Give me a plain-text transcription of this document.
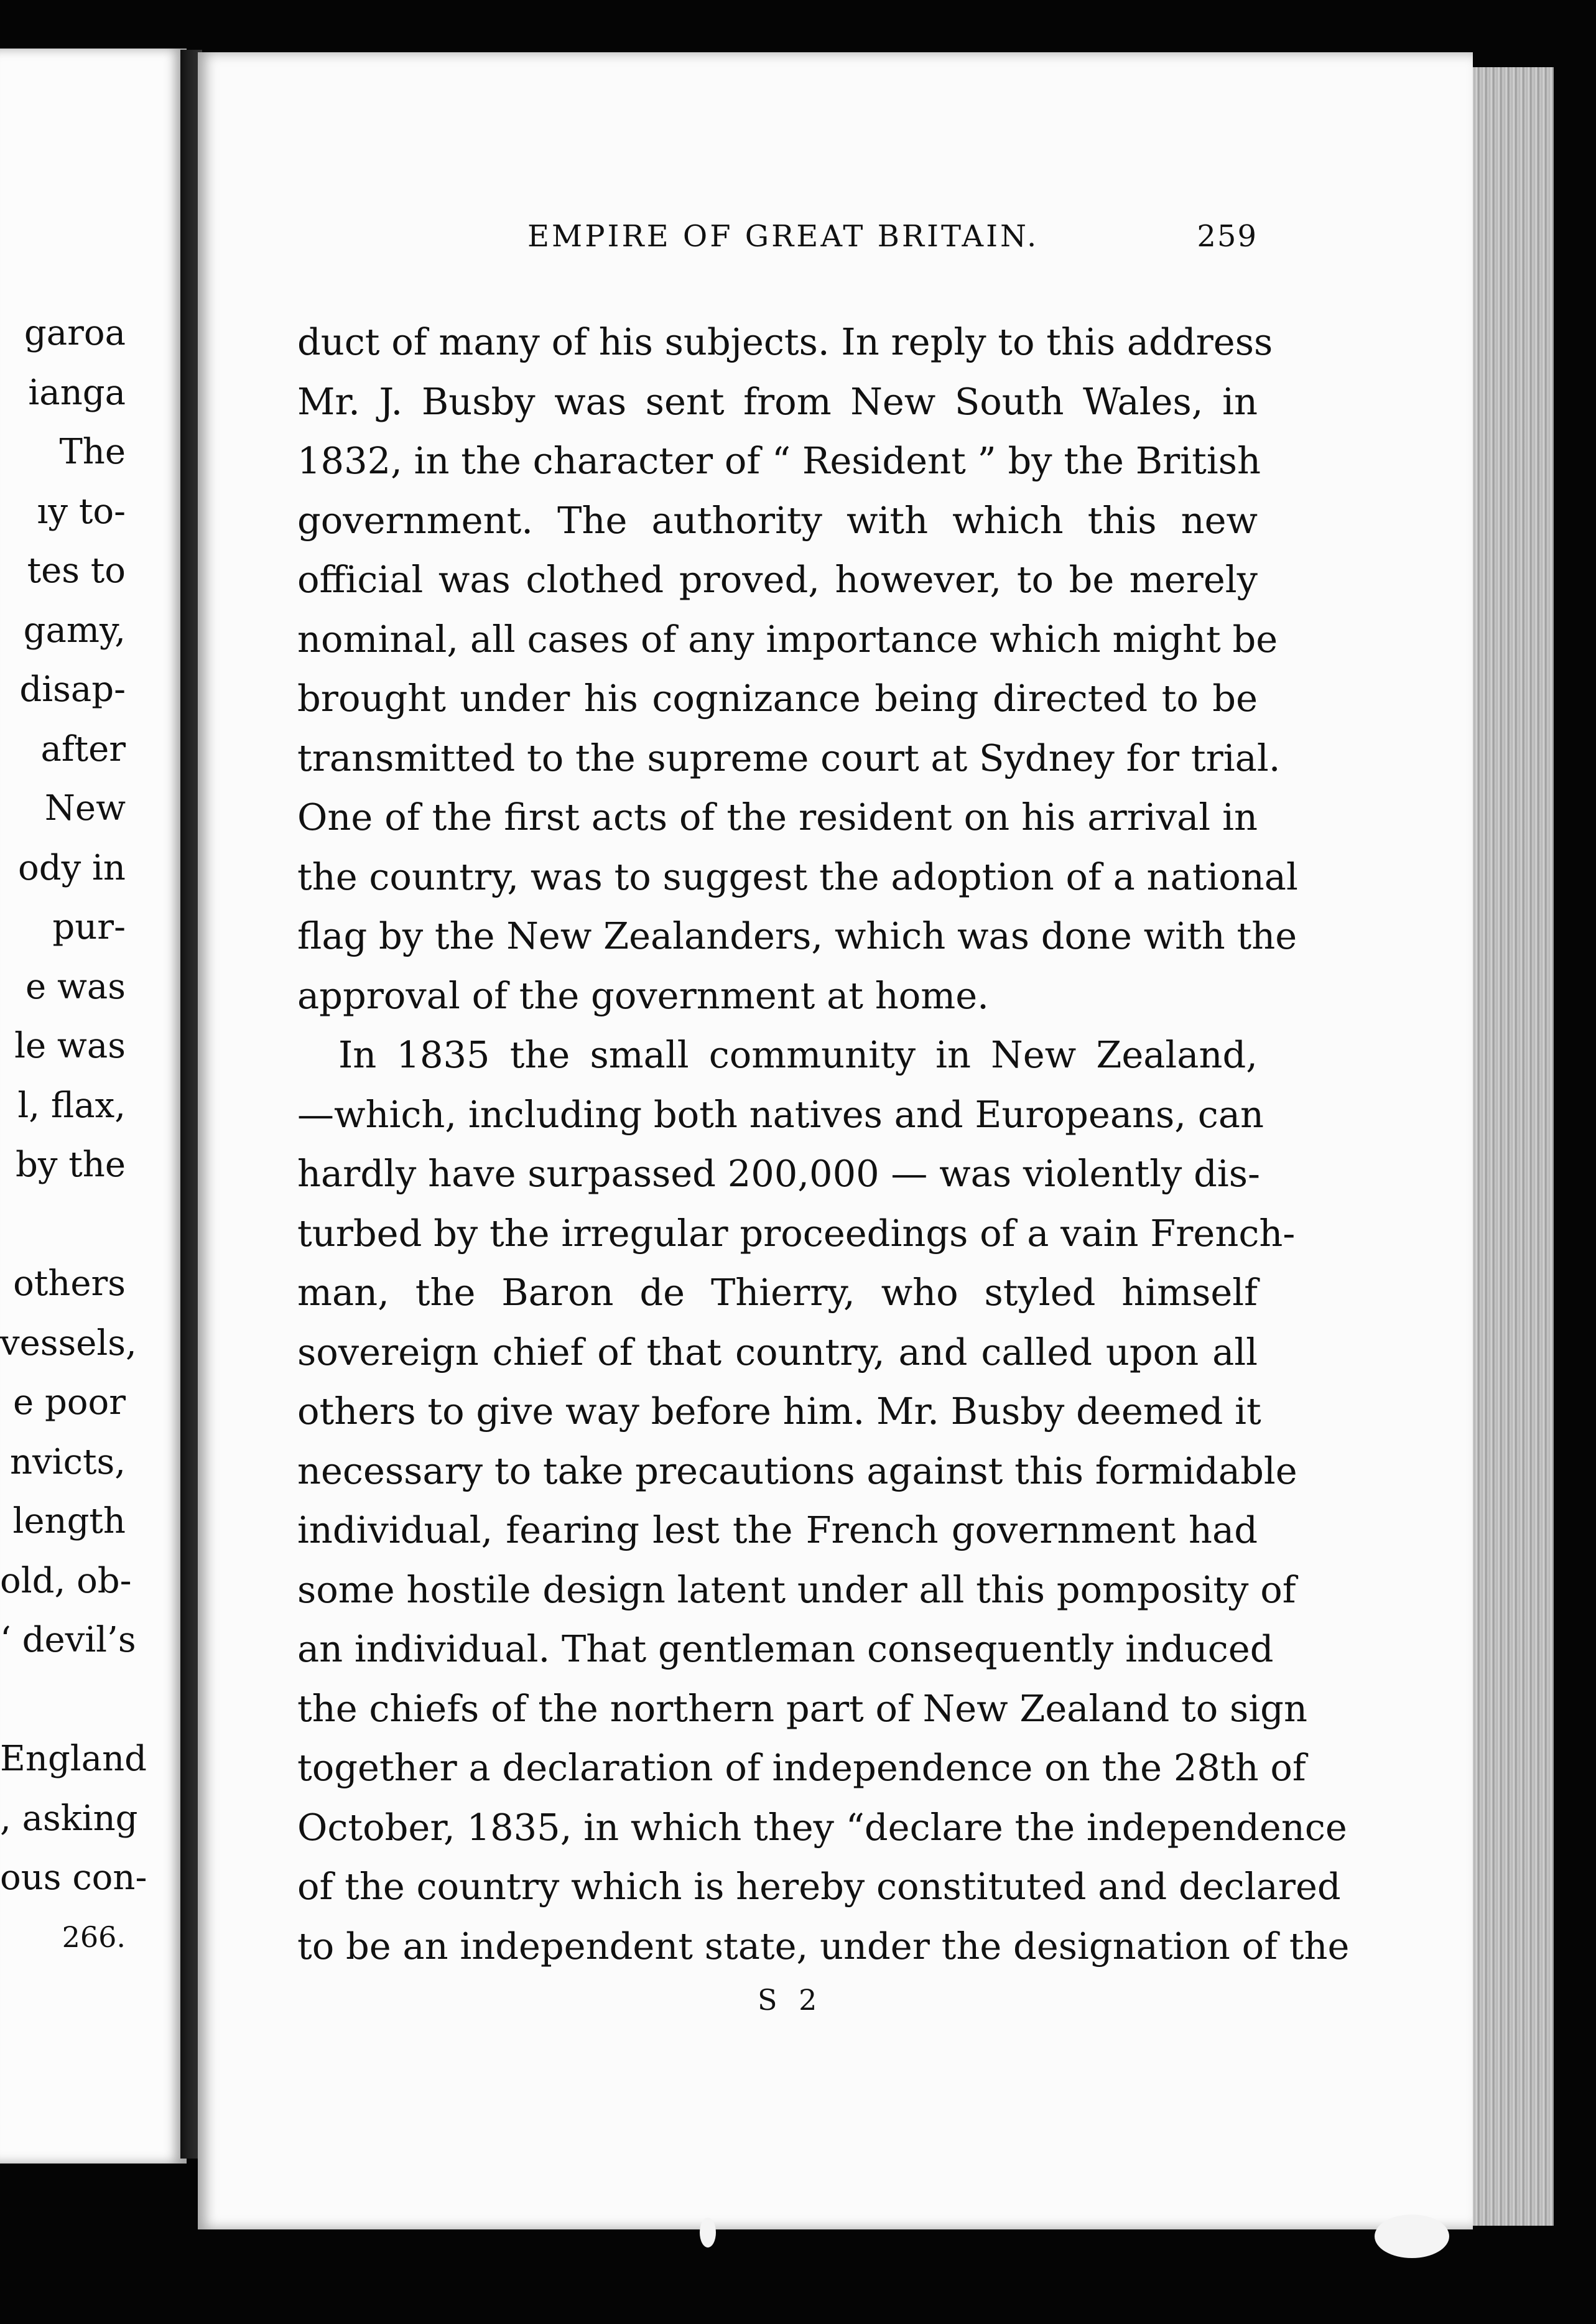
garoa
ianga
The
ıy to-
tes to
gamy,
disap-
after
New
ody in
pur-
e was
le was
l, flax,
by the
others
vessels,
e poor
nvicts,
length
old, ob-
‘ devil’s
England
, asking
ous con-
266.
EMPIRE OF GREAT BRITAIN.	259
duct of many of his subjects. In reply to this address
Mr. J. Busby was sent from New South Wales, in
1832, in the character of “ Resident ” by the British
government. The authority with which this new
official was clothed proved, however, to be merely
nominal, all cases of any importance which might be
brought under his cognizance being directed to be
transmitted to the supreme court at Sydney for trial.
One of the first acts of the resident on his arrival in
the country, was to suggest the adoption of a national
flag by the New Zealanders, which was done with the
approval of the government at home.
In 1835 the small community in New Zealand,
—which, including both natives and Europeans, can
hardly have surpassed 200,000 — was violently dis-
turbed by the irregular proceedings of a vain French-
man, the Baron de Thierry, who styled himself
sovereign chief of that country, and called upon all
others to give way before him. Mr. Busby deemed it
necessary to take precautions against this formidable
individual, fearing lest the French government had
some hostile design latent under all this pomposity of
an individual. That gentleman consequently induced
the chiefs of the northern part of New Zealand to sign
together a declaration of independence on the 28th of
October, 1835, in which they “declare the independence
of the country which is hereby constituted and declared
to be an independent state, under the designation of the
S 2
